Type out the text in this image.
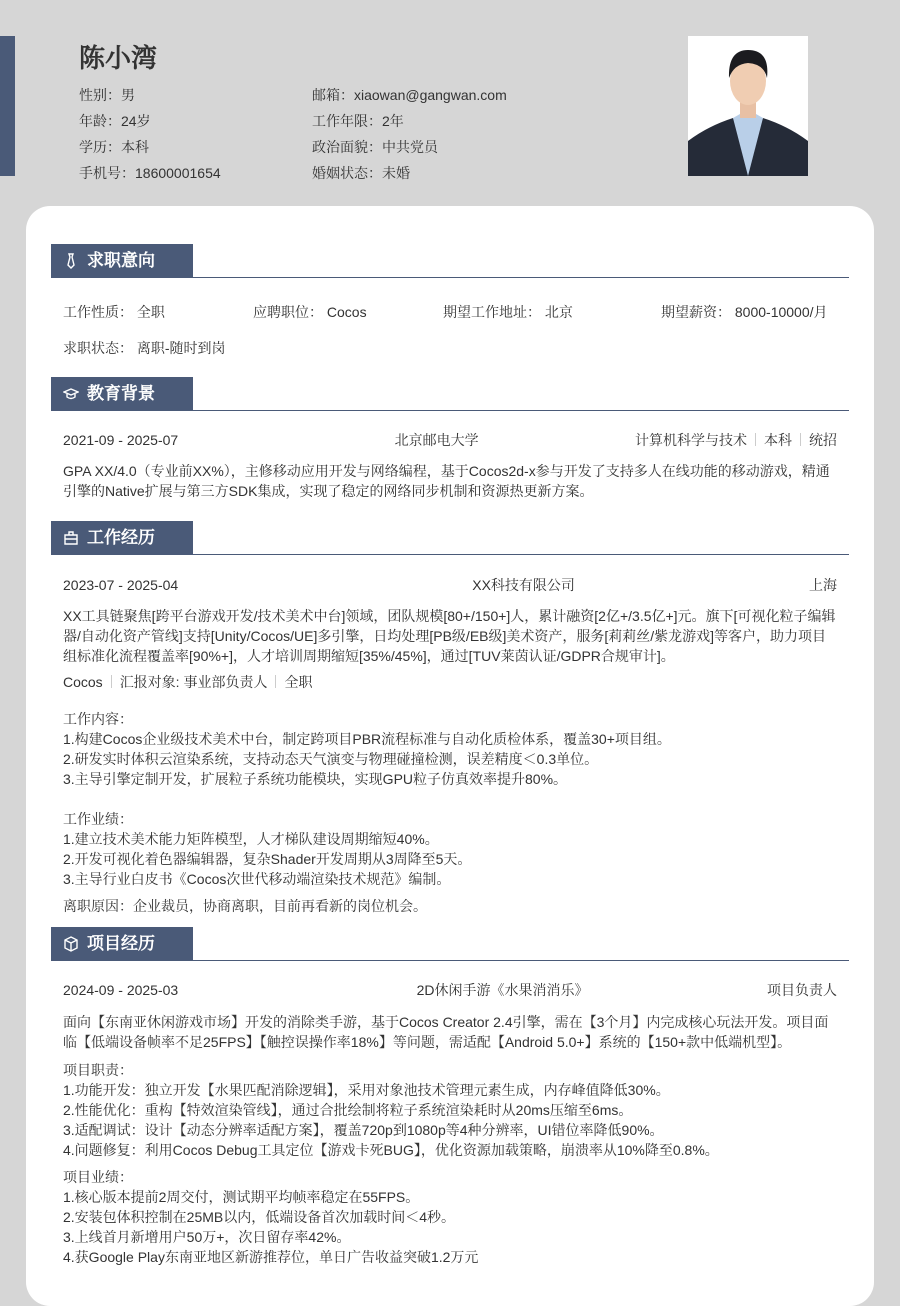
陈小湾
性别：男
年龄：24岁
学历：本科
手机号：18600001654
邮箱：xiaowan@gangwan.com
工作年限：2年
政治面貌：中共党员
婚姻状态：未婚
求职意向
工作性质： 全职	应聘职位： Cocos	期望工作地址： 北京	期望薪资： 8000-10000/月
求职状态： 离职-随时到岗
教育背景
2021-09 - 2025-07	北京邮电大学	计算机科学与技术 本科 统招
GPA XX/4.0（专业前XX%），主修移动应用开发与网络编程，基于Cocos2d-x参与开发了支持多人在线功能的移动游戏，精通引擎的Native扩展与第三方SDK集成，实现了稳定的网络同步机制和资源热更新方案。
工作经历
2023-07 - 2025-04	XX科技有限公司	上海
XX工具链聚焦[跨平台游戏开发/技术美术中台]领域，团队规模[80+/150+]人，累计融资[2亿+/3.5亿+]元。旗下[可视化粒子编辑器/自动化资产管线]支持[Unity/Cocos/UE]多引擎，日均处理[PB级/EB级]美术资产，服务[莉莉丝/紫龙游戏]等客户，助力项目组标准化流程覆盖率[90%+]，人才培训周期缩短[35%/45%]，通过[TUV莱茵认证/GDPR合规审计]。
Cocos 汇报对象: 事业部负责人 全职
工作内容：
1.构建Cocos企业级技术美术中台，制定跨项目PBR流程标准与自动化质检体系，覆盖30+项目组。
2.研发实时体积云渲染系统，支持动态天气演变与物理碰撞检测，误差精度＜0.3单位。
3.主导引擎定制开发，扩展粒子系统功能模块，实现GPU粒子仿真效率提升80%。
工作业绩：
1.建立技术美术能力矩阵模型，人才梯队建设周期缩短40%。
2.开发可视化着色器编辑器，复杂Shader开发周期从3周降至5天。
3.主导行业白皮书《Cocos次世代移动端渲染技术规范》编制。
离职原因：企业裁员，协商离职，目前再看新的岗位机会。
项目经历
2024-09 - 2025-03	2D休闲手游《水果消消乐》	项目负责人
面向【东南亚休闲游戏市场】开发的消除类手游，基于Cocos Creator 2.4引擎，需在【3个月】内完成核心玩法开发。项目面临【低端设备帧率不足25FPS】【触控误操作率18%】等问题，需适配【Android 5.0+】系统的【150+款中低端机型】。
项目职责：
1.功能开发：独立开发【水果匹配消除逻辑】，采用对象池技术管理元素生成，内存峰值降低30%。
2.性能优化：重构【特效渲染管线】，通过合批绘制将粒子系统渲染耗时从20ms压缩至6ms。
3.适配调试：设计【动态分辨率适配方案】，覆盖720p到1080p等4种分辨率，UI错位率降低90%。
4.问题修复：利用Cocos Debug工具定位【游戏卡死BUG】，优化资源加载策略，崩溃率从10%降至0.8%。
项目业绩：
1.核心版本提前2周交付，测试期平均帧率稳定在55FPS。
2.安装包体积控制在25MB以内，低端设备首次加载时间＜4秒。
3.上线首月新增用户50万+，次日留存率42%。
4.获Google Play东南亚地区新游推荐位，单日广告收益突破1.2万元
